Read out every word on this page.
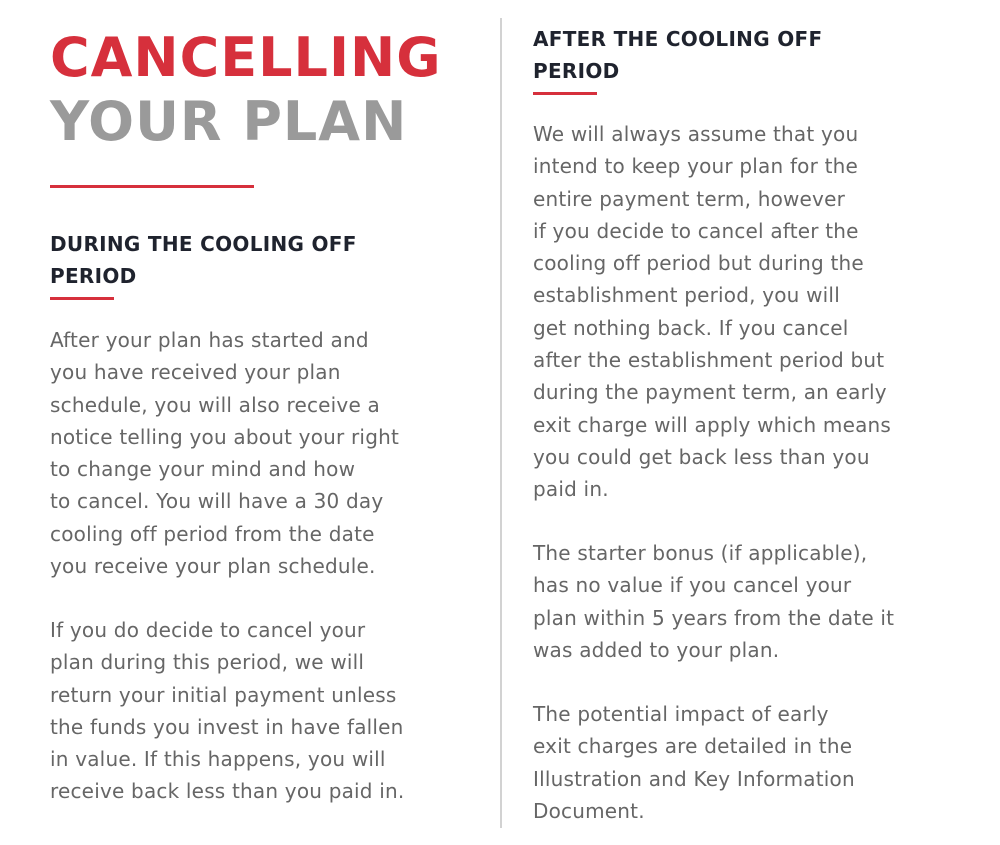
CANCELLING
YOUR PLAN
DURING THE COOLING OFF
PERIOD

After your plan has started and
you have received your plan
schedule, you will also receive a
notice telling you about your right
to change your mind and how
to cancel. You will have a 30 day
cooling off period from the date
you receive your plan schedule.

If you do decide to cancel your
plan during this period, we will
return your initial payment unless
the funds you invest in have fallen
in value. If this happens, you will
receive back less than you paid in.

AFTER THE COOLING OFF
PERIOD

We will always assume that you
intend to keep your plan for the
entire payment term, however
if you decide to cancel after the
cooling off period but during the
establishment period, you will
get nothing back. If you cancel
after the establishment period but
during the payment term, an early
exit charge will apply which means
you could get back less than you
paid in.

The starter bonus (if applicable),
has no value if you cancel your
plan within 5 years from the date it
was added to your plan.

The potential impact of early
exit charges are detailed in the
Illustration and Key Information
Document.
